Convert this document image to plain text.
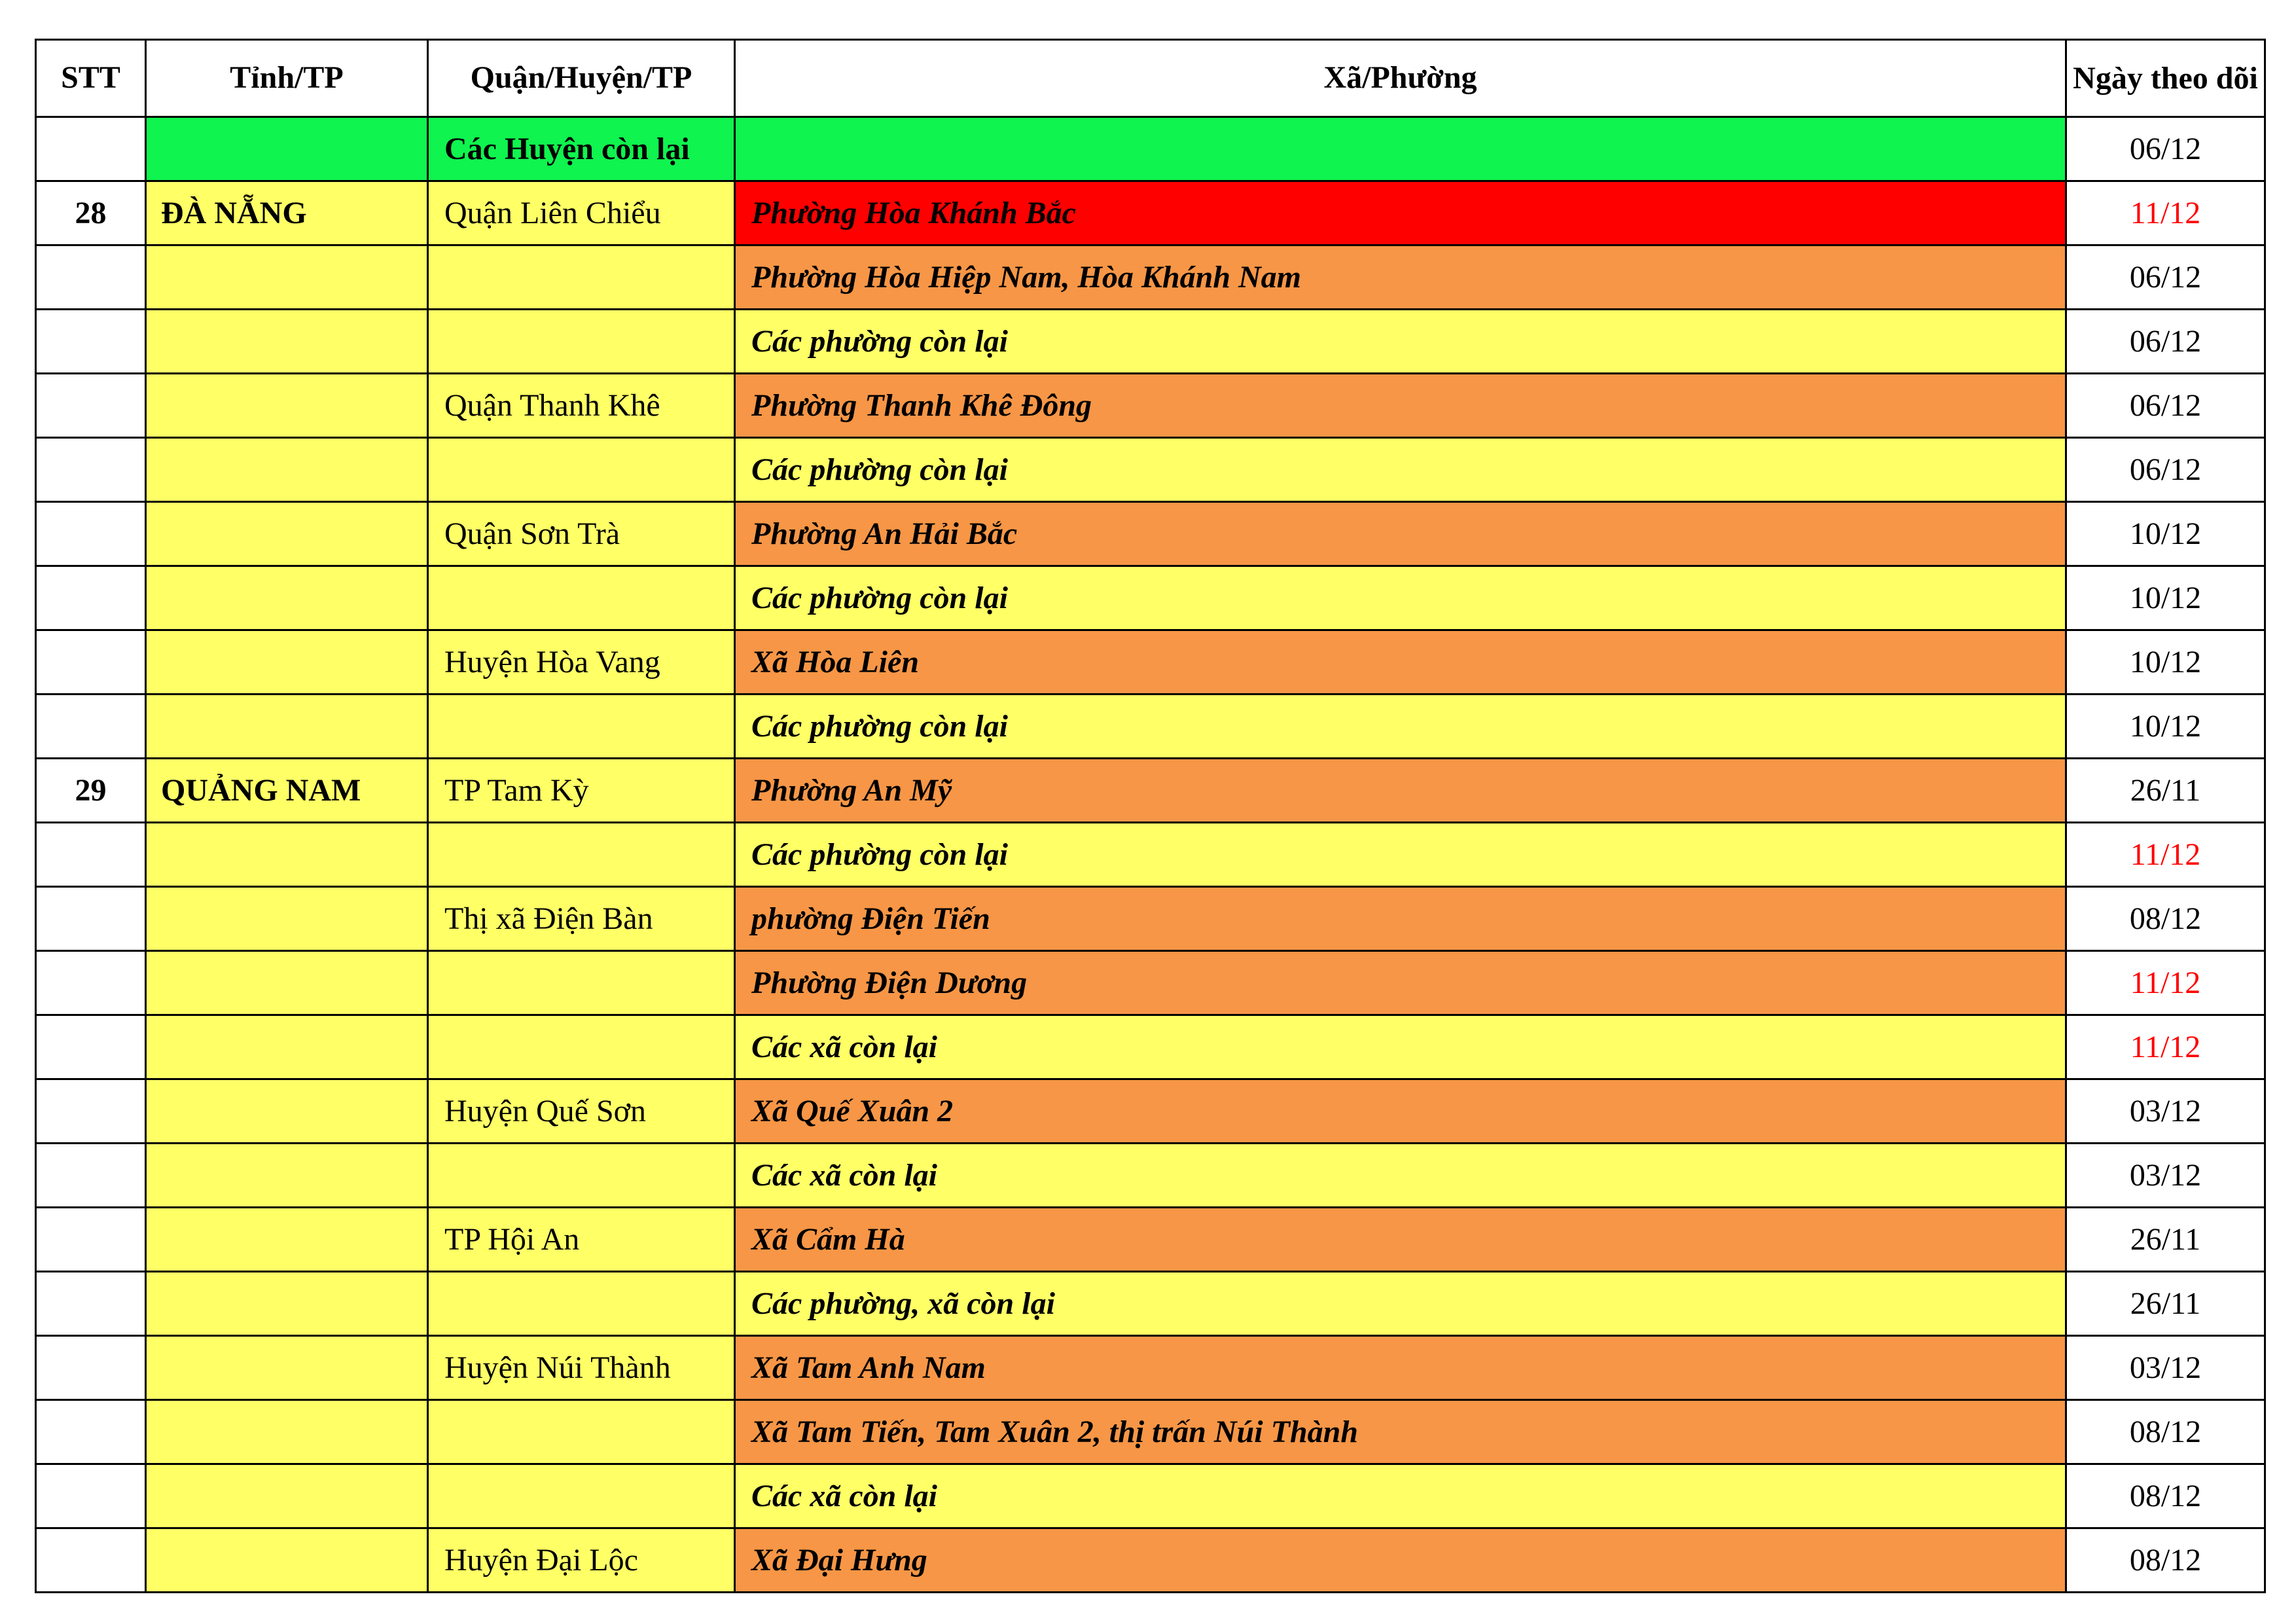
STT	Tỉnh/TP	Quận/Huyện/TP	Xã/Phường	Ngày theo dõi
		Các Huyện còn lại		06/12
28	ĐÀ NẴNG	Quận Liên Chiểu	Phường Hòa Khánh Bắc	11/12
			Phường Hòa Hiệp Nam, Hòa Khánh Nam	06/12
			Các phường còn lại	06/12
		Quận Thanh Khê	Phường Thanh Khê Đông	06/12
			Các phường còn lại	06/12
		Quận Sơn Trà	Phường An Hải Bắc	10/12
			Các phường còn lại	10/12
		Huyện Hòa Vang	Xã Hòa Liên	10/12
			Các phường còn lại	10/12
29	QUẢNG NAM	TP Tam Kỳ	Phường An Mỹ	26/11
			Các phường còn lại	11/12
		Thị xã Điện Bàn	phường Điện Tiến	08/12
			Phường Điện Dương	11/12
			Các xã còn lại	11/12
		Huyện Quế Sơn	Xã Quế Xuân 2	03/12
			Các xã còn lại	03/12
		TP Hội An	Xã Cẩm Hà	26/11
			Các phường, xã còn lại	26/11
		Huyện Núi Thành	Xã Tam Anh Nam	03/12
			Xã Tam Tiến, Tam Xuân 2, thị trấn Núi Thành	08/12
			Các xã còn lại	08/12
		Huyện Đại Lộc	Xã Đại Hưng	08/12
